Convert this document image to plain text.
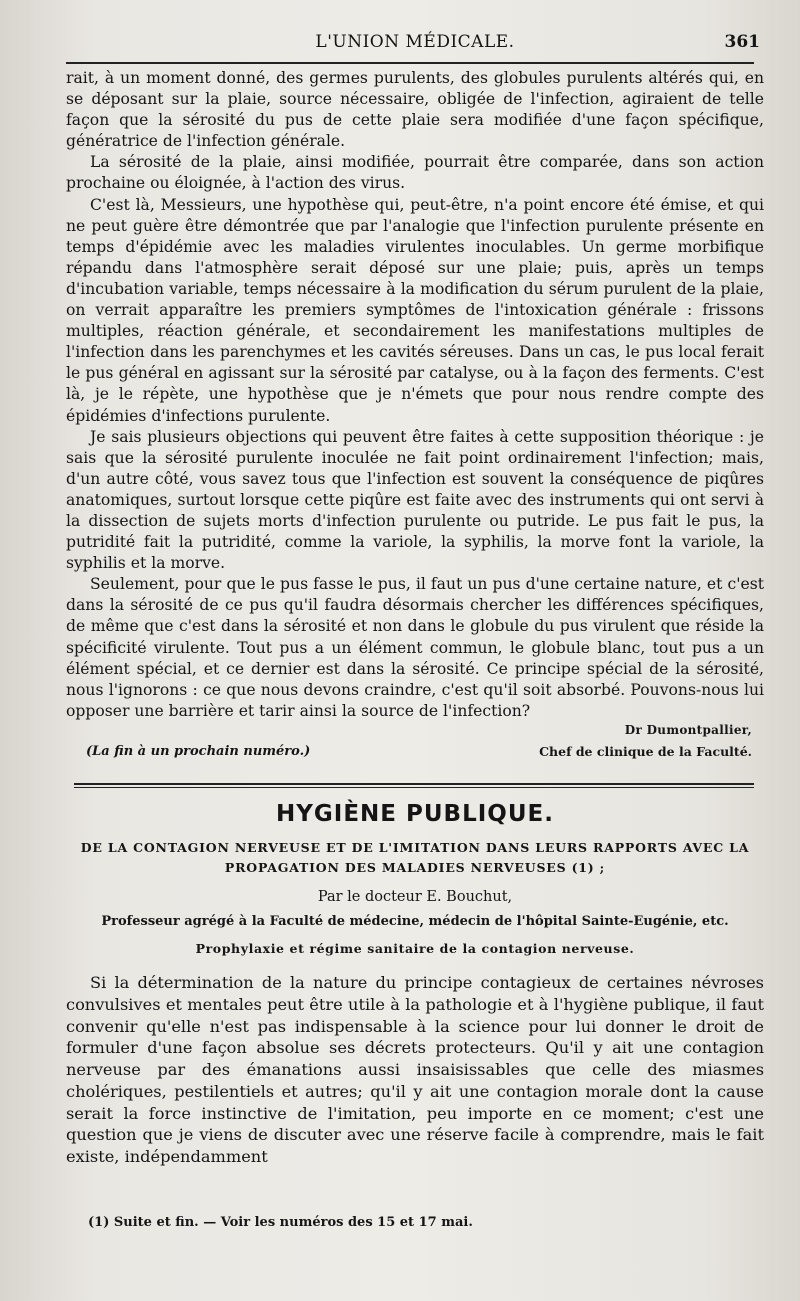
L'UNION MÉDICALE.	361

rait, à un moment donné, des germes purulents, des globules purulents altérés qui, en se déposant sur la plaie, source nécessaire, obligée de l'infection, agiraient de telle façon que la sérosité du pus de cette plaie sera modifiée d'une façon spécifique, génératrice de l'infection générale.

La sérosité de la plaie, ainsi modifiée, pourrait être comparée, dans son action prochaine ou éloignée, à l'action des virus.

C'est là, Messieurs, une hypothèse qui, peut-être, n'a point encore été émise, et qui ne peut guère être démontrée que par l'analogie que l'infection purulente présente en temps d'épidémie avec les maladies virulentes inoculables. Un germe morbifique répandu dans l'atmosphère serait déposé sur une plaie; puis, après un temps d'incubation variable, temps nécessaire à la modification du sérum purulent de la plaie, on verrait apparaître les premiers symptômes de l'intoxication générale : frissons multiples, réaction générale, et secondairement les manifestations multiples de l'infection dans les parenchymes et les cavités séreuses. Dans un cas, le pus local ferait le pus général en agissant sur la sérosité par catalyse, ou à la façon des ferments. C'est là, je le répète, une hypothèse que je n'émets que pour nous rendre compte des épidémies d'infections purulente.

Je sais plusieurs objections qui peuvent être faites à cette supposition théorique : je sais que la sérosité purulente inoculée ne fait point ordinairement l'infection; mais, d'un autre côté, vous savez tous que l'infection est souvent la conséquence de piqûres anatomiques, surtout lorsque cette piqûre est faite avec des instruments qui ont servi à la dissection de sujets morts d'infection purulente ou putride. Le pus fait le pus, la putridité fait la putridité, comme la variole, la syphilis, la morve font la variole, la syphilis et la morve.

Seulement, pour que le pus fasse le pus, il faut un pus d'une certaine nature, et c'est dans la sérosité de ce pus qu'il faudra désormais chercher les différences spécifiques, de même que c'est dans la sérosité et non dans le globule du pus virulent que réside la spécificité virulente. Tout pus a un élément commun, le globule blanc, tout pus a un élément spécial, et ce dernier est dans la sérosité. Ce principe spécial de la sérosité, nous l'ignorons : ce que nous devons craindre, c'est qu'il soit absorbé. Pouvons-nous lui opposer une barrière et tarir ainsi la source de l'infection?

Dr Dumontpallier,
(La fin à un prochain numéro.)	Chef de clinique de la Faculté.
HYGIÈNE PUBLIQUE.
DE LA CONTAGION NERVEUSE ET DE L'IMITATION DANS LEURS RAPPORTS AVEC LA PROPAGATION DES MALADIES NERVEUSES (1) ;
Par le docteur E. Bouchut,
Professeur agrégé à la Faculté de médecine, médecin de l'hôpital Sainte-Eugénie, etc.
Prophylaxie et régime sanitaire de la contagion nerveuse.

Si la détermination de la nature du principe contagieux de certaines névroses convulsives et mentales peut être utile à la pathologie et à l'hygiène publique, il faut convenir qu'elle n'est pas indispensable à la science pour lui donner le droit de formuler d'une façon absolue ses décrets protecteurs. Qu'il y ait une contagion nerveuse par des émanations aussi insaisissables que celle des miasmes cholériques, pestilentiels et autres; qu'il y ait une contagion morale dont la cause serait la force instinctive de l'imitation, peu importe en ce moment; c'est une question que je viens de discuter avec une réserve facile à comprendre, mais le fait existe, indépendamment

(1) Suite et fin. — Voir les numéros des 15 et 17 mai.
